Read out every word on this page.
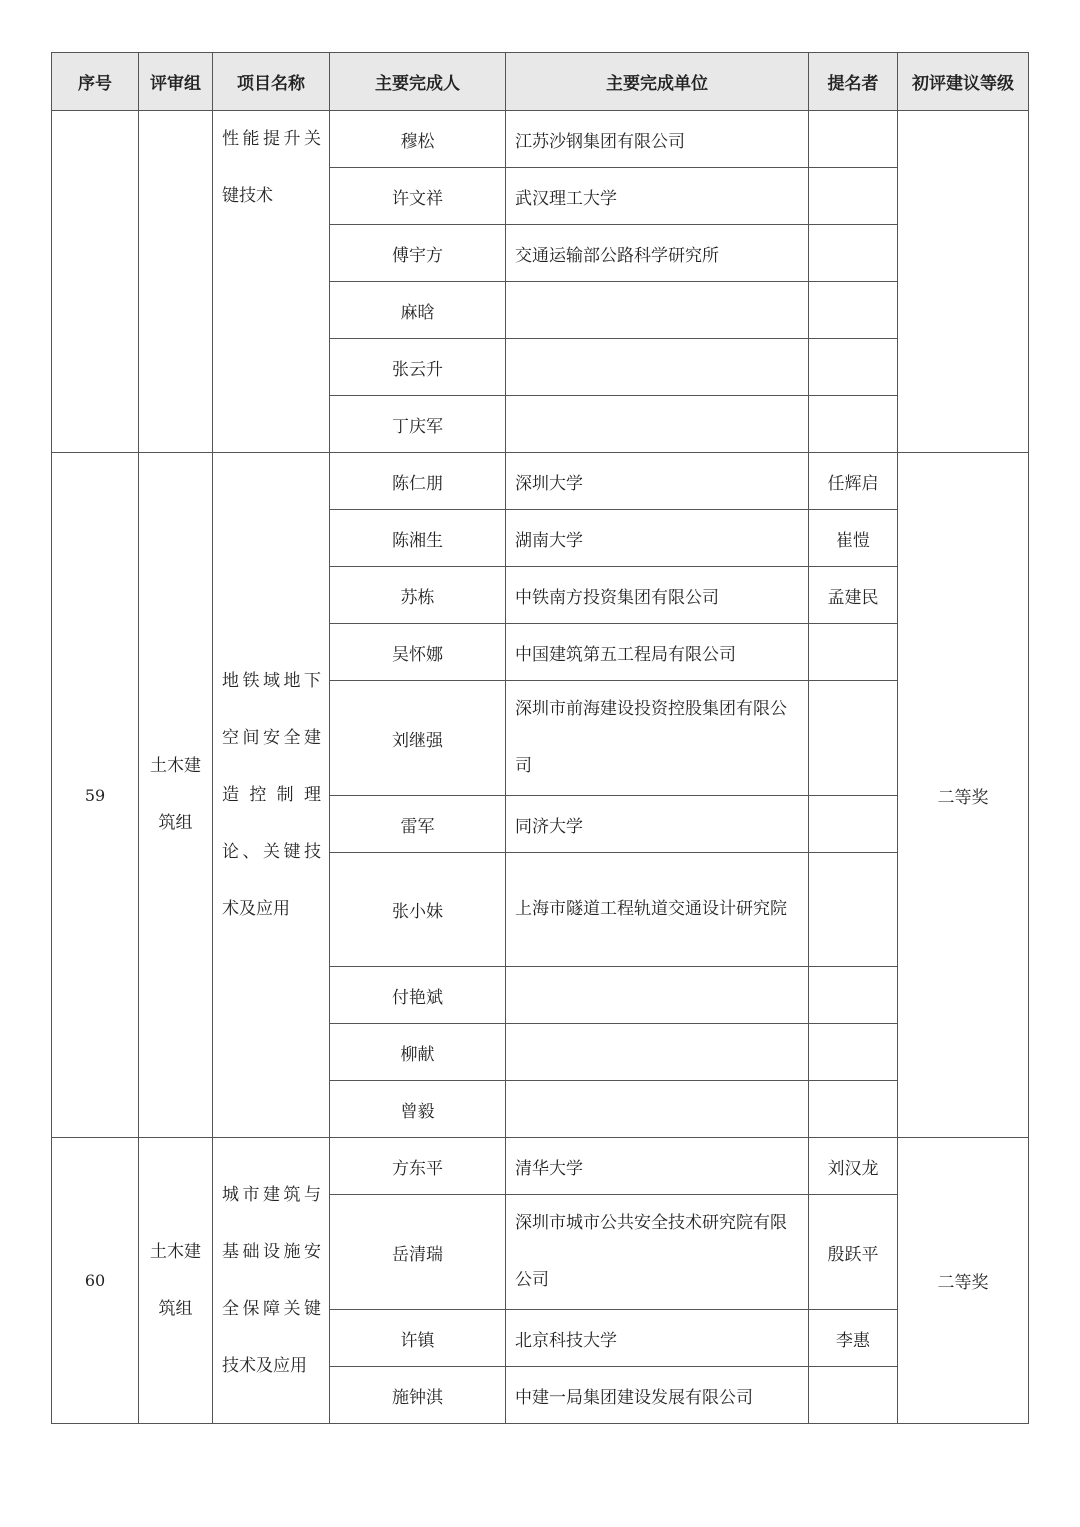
序号	评审组	项目名称	主要完成人	主要完成单位	提名者	初评建议等级
		性能提升关键技术	穆松	江苏沙钢集团有限公司		
			许文祥	武汉理工大学		
			傅宇方	交通运输部公路科学研究所		
			麻晗			
			张云升			
			丁庆军			
59	土木建筑组	地铁域地下空间安全建造控制理论、关键技术及应用	陈仁朋	深圳大学	任辉启	二等奖
			陈湘生	湖南大学	崔愷	
			苏栋	中铁南方投资集团有限公司	孟建民	
			吴怀娜	中国建筑第五工程局有限公司		
			刘继强	深圳市前海建设投资控股集团有限公司		
			雷军	同济大学		
			张小妹	上海市隧道工程轨道交通设计研究院		
			付艳斌			
			柳献			
			曾毅			
60	土木建筑组	城市建筑与基础设施安全保障关键技术及应用	方东平	清华大学	刘汉龙	二等奖
			岳清瑞	深圳市城市公共安全技术研究院有限公司	殷跃平	
			许镇	北京科技大学	李惠	
			施钟淇	中建一局集团建设发展有限公司		
